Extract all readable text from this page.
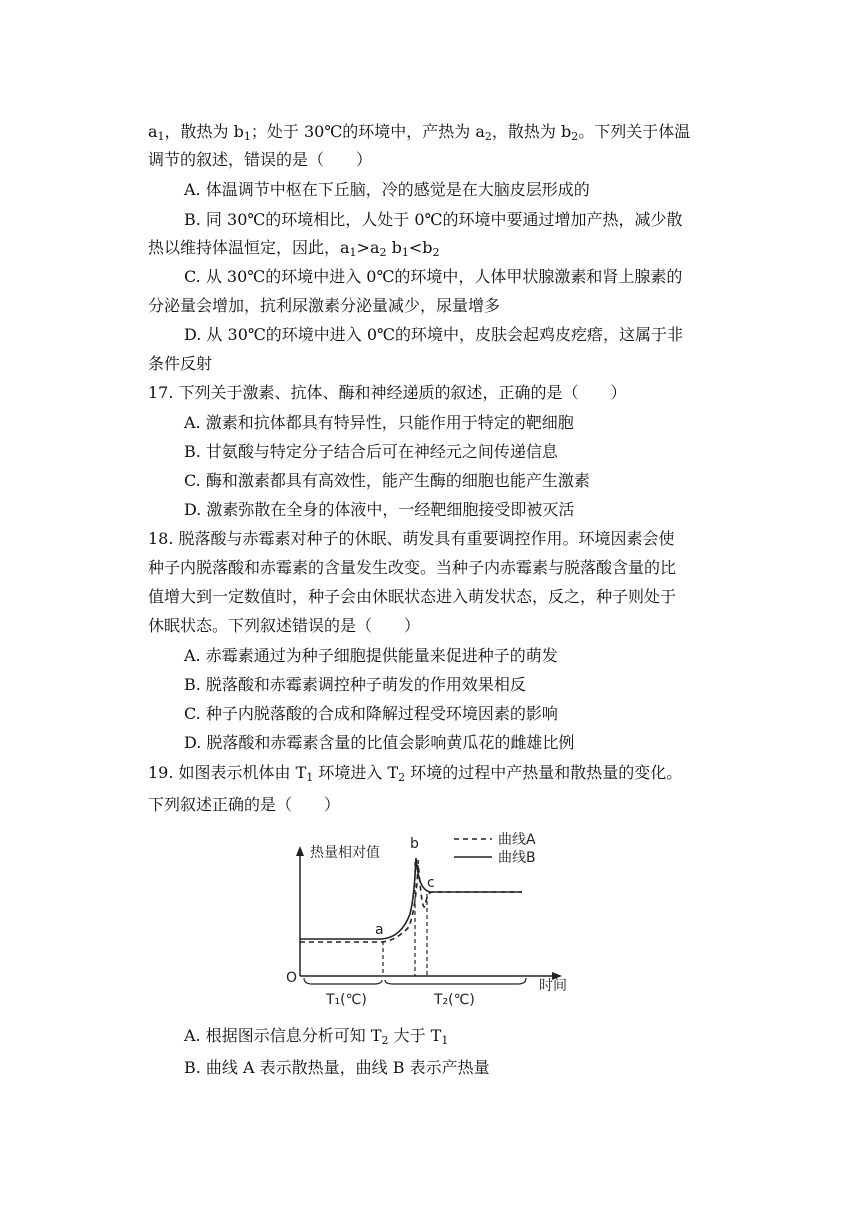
$a_1$，散热为 $b_1$；处于 30℃的环境中，产热为 $a_2$，散热为 $b_2$。下列关于体温
调节的叙述，错误的是（　　）
A. 体温调节中枢在下丘脑，冷的感觉是在大脑皮层形成的
B. 同 30℃的环境相比，人处于 0℃的环境中要通过增加产热，减少散
热以维持体温恒定，因此，$a_1>a_2$ $b_1<b_2$
C. 从 30℃的环境中进入 0℃的环境中，人体甲状腺激素和肾上腺素的
分泌量会增加，抗利尿激素分泌量减少，尿量增多
D. 从 30℃的环境中进入 0℃的环境中，皮肤会起鸡皮疙瘩，这属于非
条件反射
17. 下列关于激素、抗体、酶和神经递质的叙述，正确的是（　　）
A. 激素和抗体都具有特异性，只能作用于特定的靶细胞
B. 甘氨酸与特定分子结合后可在神经元之间传递信息
C. 酶和激素都具有高效性，能产生酶的细胞也能产生激素
D. 激素弥散在全身的体液中，一经靶细胞接受即被灭活
18. 脱落酸与赤霉素对种子的休眠、萌发具有重要调控作用。环境因素会使
种子内脱落酸和赤霉素的含量发生改变。当种子内赤霉素与脱落酸含量的比
值增大到一定数值时，种子会由休眠状态进入萌发状态，反之，种子则处于
休眠状态。下列叙述错误的是（　　）
A. 赤霉素通过为种子细胞提供能量来促进种子的萌发
B. 脱落酸和赤霉素调控种子萌发的作用效果相反
C. 种子内脱落酸的合成和降解过程受环境因素的影响
D. 脱落酸和赤霉素含量的比值会影响黄瓜花的雌雄比例
19. 如图表示机体由 $T_1$ 环境进入 $T_2$ 环境的过程中产热量和散热量的变化。
下列叙述正确的是（　　）
热量相对值
时间
O
曲线A
曲线B
a
b
c
T₁(℃)	T₂(℃)
A. 根据图示信息分析可知 $T_2$ 大于 $T_1$
B. 曲线 A 表示散热量，曲线 B 表示产热量
